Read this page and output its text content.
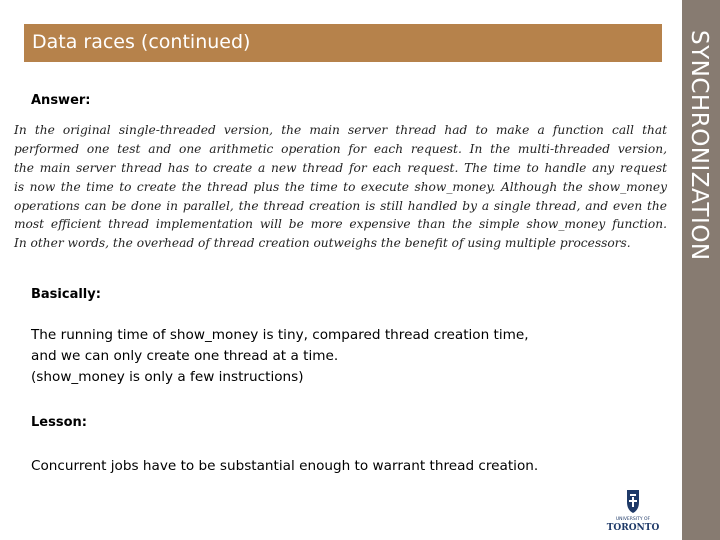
SYNCHRONIZATION
Data races (continued)
Answer:
In the original single-threaded version, the main server thread had to make a function call that
performed one test and one arithmetic operation for each request. In the multi-threaded version,
the main server thread has to create a new thread for each request. The time to handle any request
is now the time to create the thread plus the time to execute show_money. Although the show_money
operations can be done in parallel, the thread creation is still handled by a single thread, and even the
most efficient thread implementation will be more expensive than the simple show_money function.
In other words, the overhead of thread creation outweighs the benefit of using multiple processors.
Basically:
The running time of show_money is tiny, compared thread creation time,
and we can only create one thread at a time.
(show_money is only a few instructions)
Lesson:
Concurrent jobs have to be substantial enough to warrant thread creation.
UNIVERSITY OF
TORONTO
